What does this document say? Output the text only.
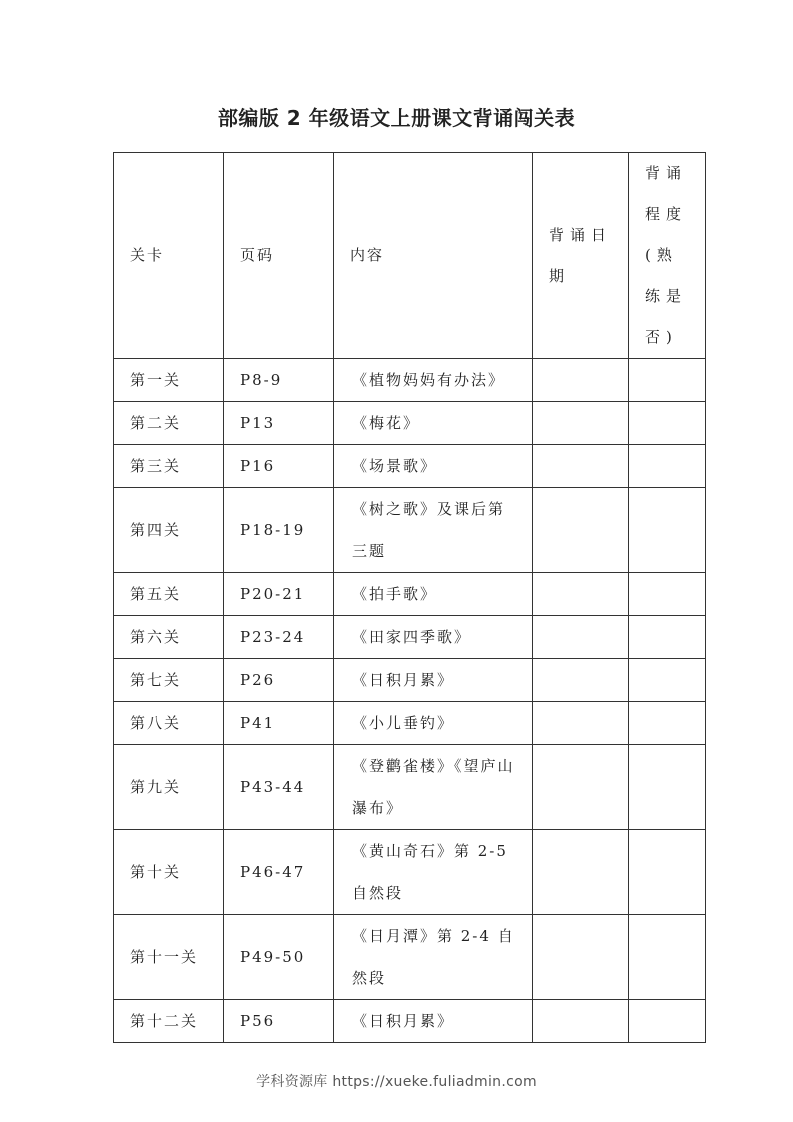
部编版 2 年级语文上册课文背诵闯关表
关卡	页码	内容	背诵日期	背诵程度(熟练是否)
第一关	P8-9	《植物妈妈有办法》		
第二关	P13	《梅花》		
第三关	P16	《场景歌》		
第四关	P18-19	《树之歌》及课后第三题		
第五关	P20-21	《拍手歌》		
第六关	P23-24	《田家四季歌》		
第七关	P26	《日积月累》		
第八关	P41	《小儿垂钓》		
第九关	P43-44	《登鹳雀楼》《望庐山瀑布》		
第十关	P46-47	《黄山奇石》第 2-5 自然段		
第十一关	P49-50	《日月潭》第 2-4 自然段		
第十二关	P56	《日积月累》		
学科资源库 https://xueke.fuliadmin.com
